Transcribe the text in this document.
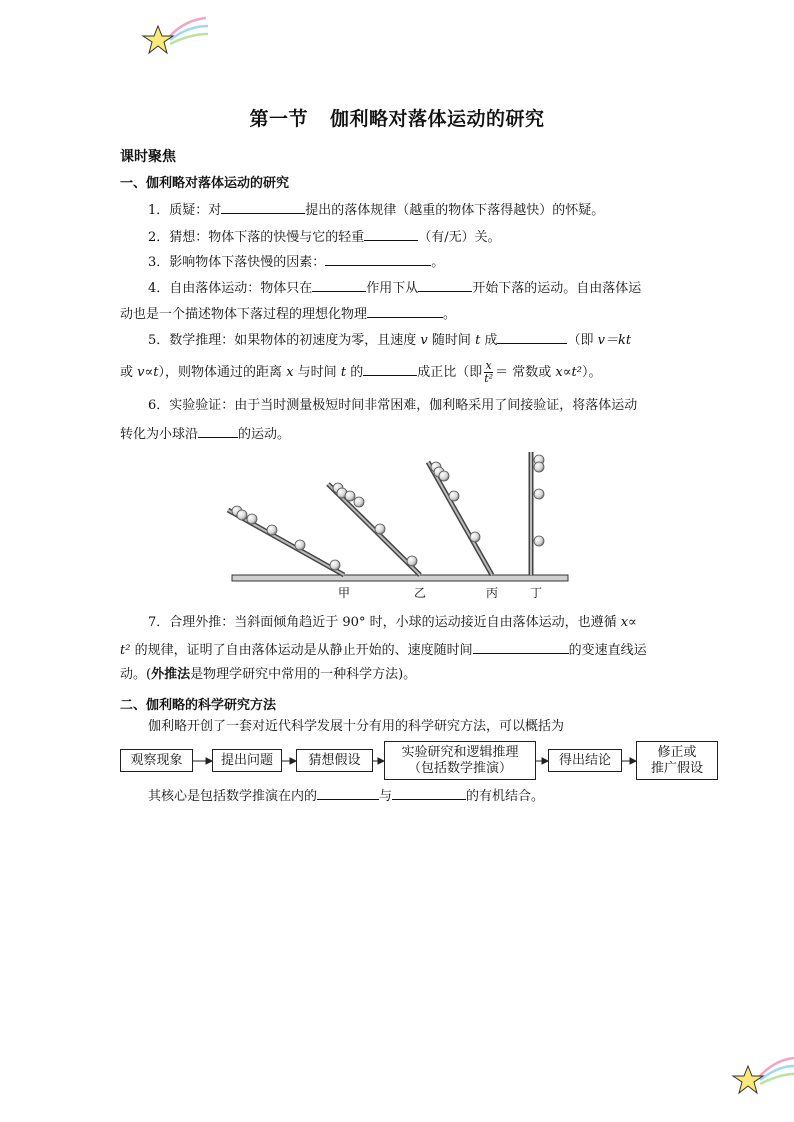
第一节 伽利略对落体运动的研究
课时聚焦
一、伽利略对落体运动的研究
1．质疑：对	提出的落体规律（越重的物体下落得越快）的怀疑。
2．猜想：物体下落的快慢与它的轻重	（有/无）关。
3．影响物体下落快慢的因素：	。
4．自由落体运动：物体只在	作用下从	开始下落的运动。自由落体运
动也是一个描述物体下落过程的理想化物理	。
5．数学推理：如果物体的初速度为零，且速度 v 随时间 t 成	（即 v＝kt
或 v∝t），则物体通过的距离 x 与时间 t 的	成正比（即 $\frac{x}{\text{t²}}$ ＝ 常数或 x∝t²）。
6．实验验证：由于当时测量极短时间非常困难，伽利略采用了间接验证，将落体运动
转化为小球沿	的运动。
甲	乙	丙	丁
7．合理外推：当斜面倾角趋近于 90° 时，小球的运动接近自由落体运动，也遵循 x∝
t² 的规律，证明了自由落体运动是从静止开始的、速度随时间	的变速直线运
动。(外推法是物理学研究中常用的一种科学方法)。
二、伽利略的科学研究方法
伽利略开创了一套对近代科学发展十分有用的科学研究方法，可以概括为
观察现象	提出问题	猜想假设
实验研究和逻辑推理
（包括数学推演）
得出结论
修正或
推广假设
其核心是包括数学推演在内的	与	的有机结合。
